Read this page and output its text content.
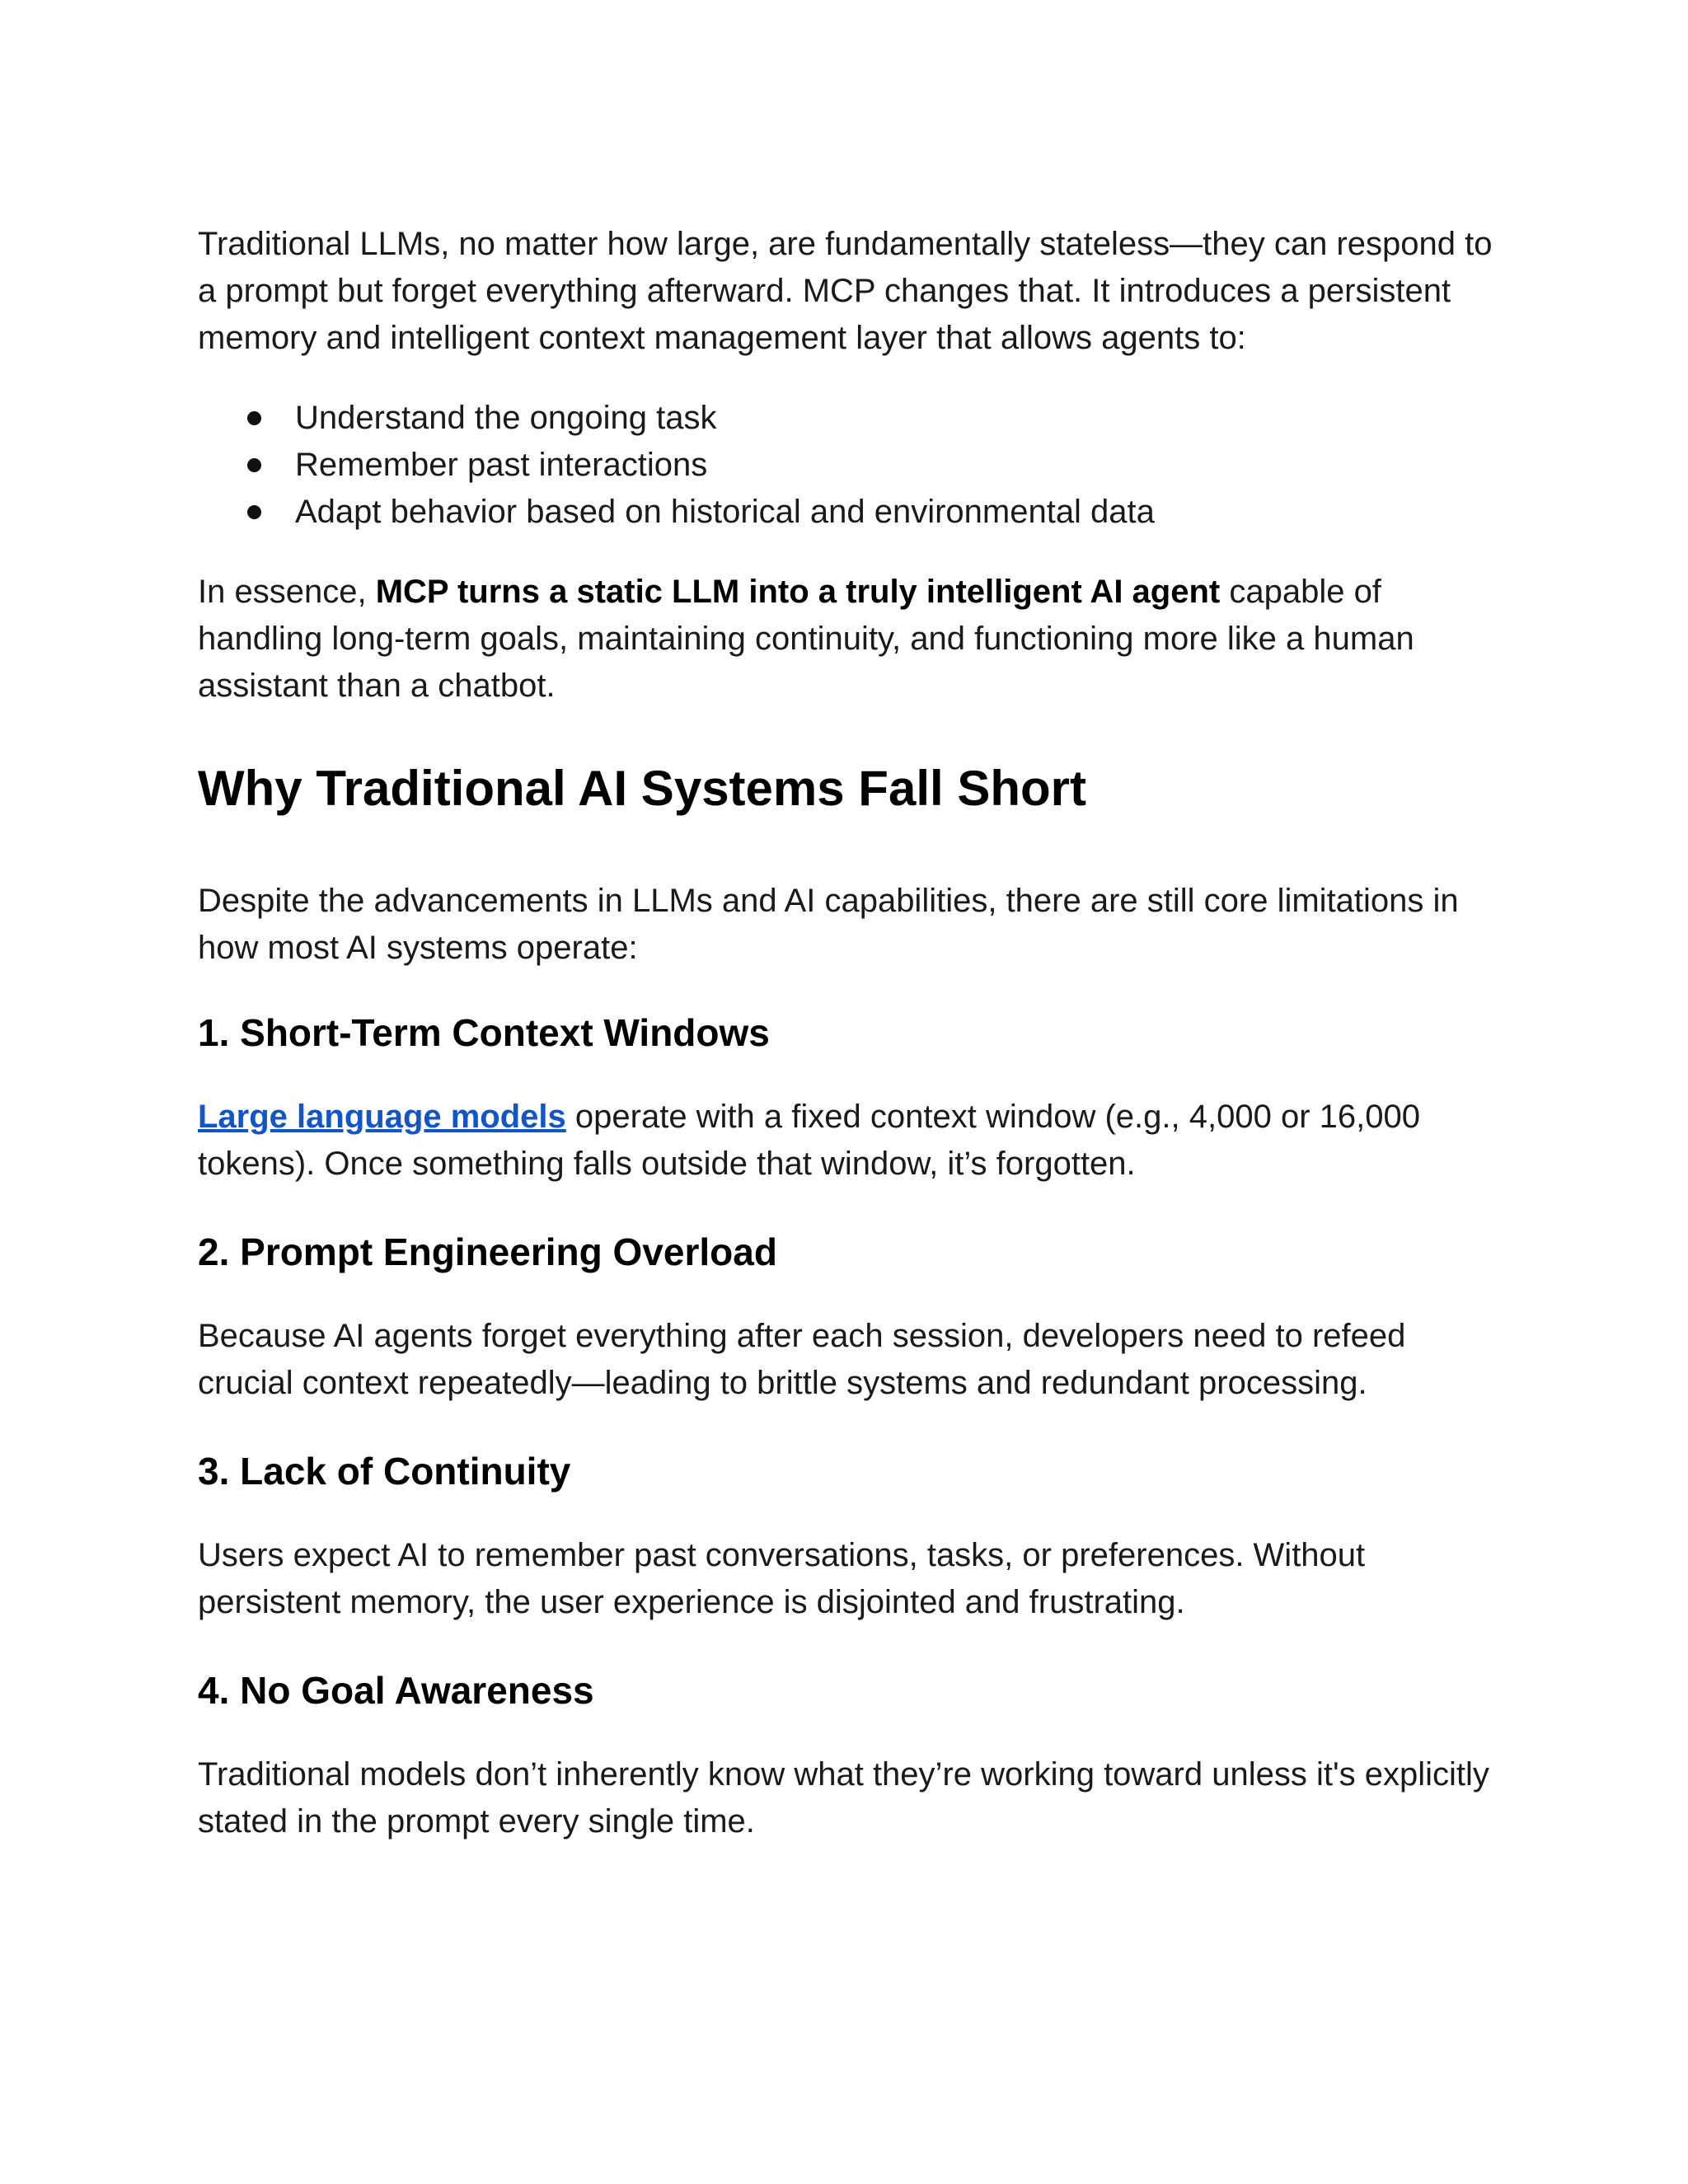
Traditional LLMs, no matter how large, are fundamentally stateless—they can respond to a prompt but forget everything afterward. MCP changes that. It introduces a persistent memory and intelligent context management layer that allows agents to:

Understand the ongoing task
Remember past interactions
Adapt behavior based on historical and environmental data

In essence, MCP turns a static LLM into a truly intelligent AI agent capable of handling long-term goals, maintaining continuity, and functioning more like a human assistant than a chatbot.

Why Traditional AI Systems Fall Short

Despite the advancements in LLMs and AI capabilities, there are still core limitations in how most AI systems operate:

1. Short-Term Context Windows

Large language models operate with a fixed context window (e.g., 4,000 or 16,000 tokens). Once something falls outside that window, it’s forgotten.

2. Prompt Engineering Overload

Because AI agents forget everything after each session, developers need to refeed crucial context repeatedly—leading to brittle systems and redundant processing.

3. Lack of Continuity

Users expect AI to remember past conversations, tasks, or preferences. Without persistent memory, the user experience is disjointed and frustrating.

4. No Goal Awareness

Traditional models don’t inherently know what they’re working toward unless it's explicitly stated in the prompt every single time.
